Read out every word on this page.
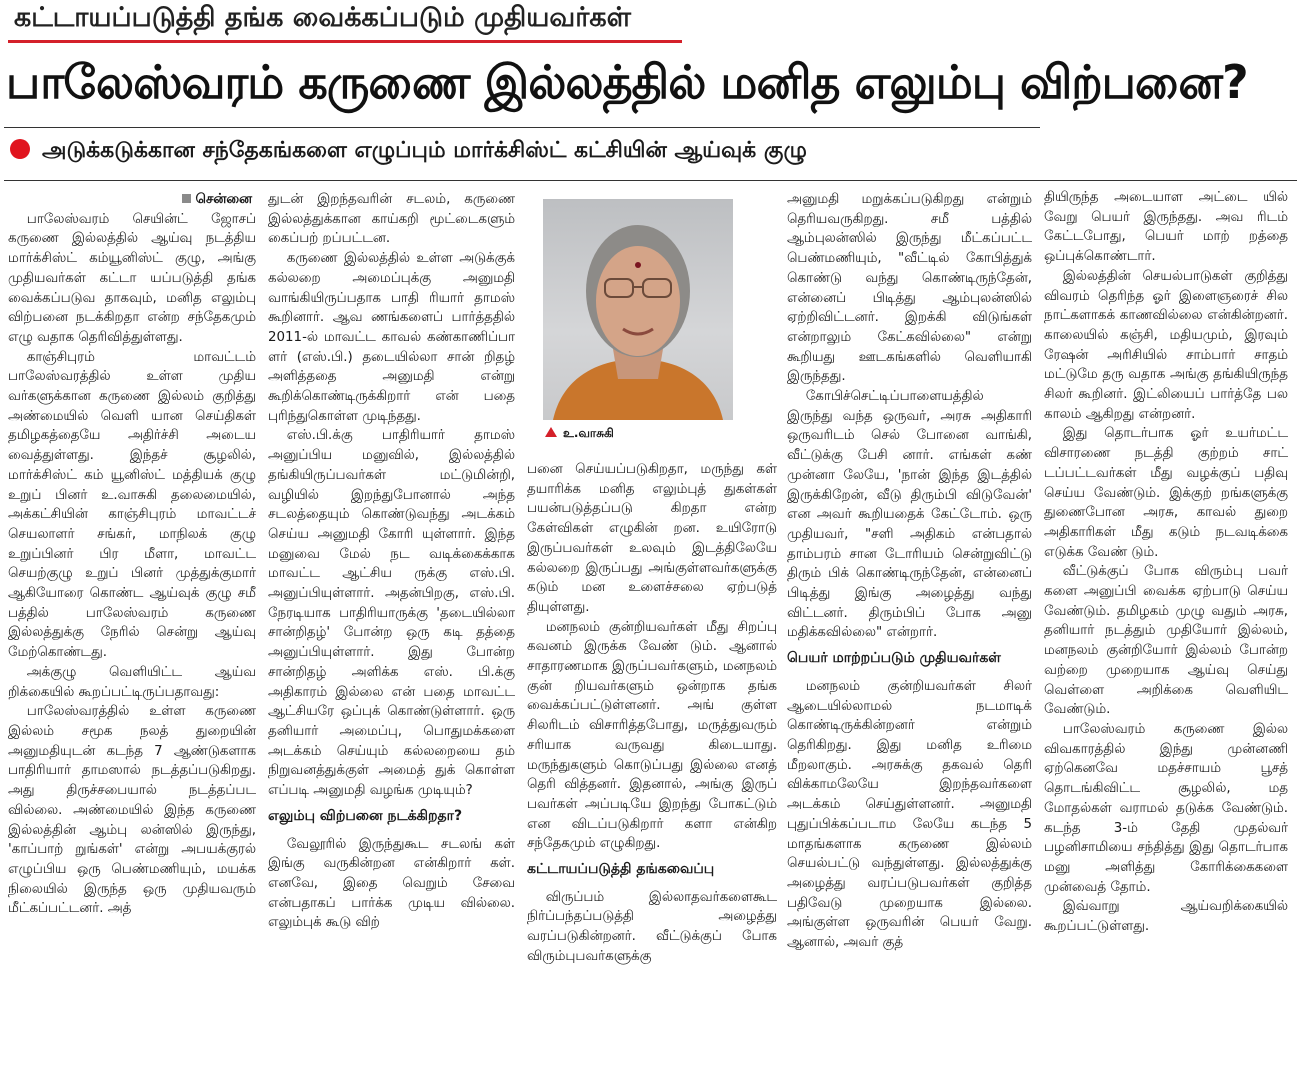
கட்டாயப்படுத்தி தங்க வைக்கப்படும் முதியவர்கள்
பாலேஸ்வரம் கருணை இல்லத்தில் மனித எலும்பு விற்பனை?
அடுக்கடுக்கான சந்தேகங்களை எழுப்பும் மார்க்சிஸ்ட் கட்சியின் ஆய்வுக் குழு
சென்னை

பாலேஸ்வரம் செயின்ட் ஜோசப் கருணை இல்லத்தில் ஆய்வு நடத்திய மார்க்சிஸ்ட் கம்யூனிஸ்ட் குழு, அங்கு முதியவர்கள் கட்டா யப்படுத்தி தங்க வைக்கப்படுவ தாகவும், மனித எலும்பு விற்பனை நடக்கிறதா என்ற சந்தேகமும் எழு வதாக தெரிவித்துள்ளது.

காஞ்சிபுரம் மாவட்டம் பாலேஸ்வரத்தில் உள்ள முதிய வர்களுக்கான கருணை இல்லம் குறித்து அண்மையில் வெளி யான செய்திகள் தமிழகத்தையே அதிர்ச்சி அடைய வைத்துள்ளது. இந்தச் சூழலில், மார்க்சிஸ்ட் கம் யூனிஸ்ட் மத்தியக் குழு உறுப் பினர் உ.வாசுகி தலைமையில், அக்கட்சியின் காஞ்சிபுரம் மாவட்டச் செயலாளர் சங்கர், மாநிலக் குழு உறுப்பினர் பிர மீளா, மாவட்ட செயற்குழு உறுப் பினர் முத்துக்குமார் ஆகியோரை கொண்ட ஆய்வுக் குழு சமீ பத்தில் பாலேஸ்வரம் கருணை இல்லத்துக்கு நேரில் சென்று ஆய்வு மேற்கொண்டது.

அக்குழு வெளியிட்ட ஆய்வ றிக்கையில் கூறப்பட்டிருப்பதாவது:

பாலேஸ்வரத்தில் உள்ள கருணை இல்லம் சமூக நலத் துறையின் அனுமதியுடன் கடந்த 7 ஆண்டுகளாக பாதிரியார் தாமஸால் நடத்தப்படுகிறது. அது திருச்சபையால் நடத்தப்பட வில்லை. அண்மையில் இந்த கருணை இல்லத்தின் ஆம்பு லன்ஸில் இருந்து, 'காப்பாற் றுங்கள்' என்று அபயக்குரல் எழுப்பிய ஒரு பெண்மணியும், மயக்க நிலையில் இருந்த ஒரு முதியவரும் மீட்கப்பட்டனர். அத்

துடன் இறந்தவரின் சடலம், கருணை இல்லத்துக்கான காய்கறி மூட்டைகளும் கைப்பற் றப்பட்டன.

கருணை இல்லத்தில் உள்ள அடுக்குக் கல்லறை அமைப்புக்கு அனுமதி வாங்கியிருப்பதாக பாதி ரியார் தாமஸ் கூறினார். ஆவ ணங்களைப் பார்த்ததில் 2011-ல் மாவட்ட காவல் கண்காணிப்பா ளர் (எஸ்.பி.) தடையில்லா சான் றிதழ் அளித்ததை அனுமதி என்று கூறிக்கொண்டிருக்கிறார் என் பதை புரிந்துகொள்ள முடிந்தது.

எஸ்.பி.க்கு பாதிரியார் தாமஸ் அனுப்பிய மனுவில், இல்லத்தில் தங்கியிருப்பவர்கள் மட்டுமின்றி, வழியில் இறந்துபோனால் அந்த சடலத்தையும் கொண்டுவந்து அடக்கம் செய்ய அனுமதி கோரி யுள்ளார். இந்த மனுவை மேல் நட வடிக்கைக்காக மாவட்ட ஆட்சிய ருக்கு எஸ்.பி. அனுப்பியுள்ளார். அதன்பிறகு, எஸ்.பி. நேரடியாக பாதிரியாருக்கு 'தடையில்லா சான்றிதழ்' போன்ற ஒரு கடி தத்தை அனுப்பியுள்ளார். இது போன்ற சான்றிதழ் அளிக்க எஸ். பி.க்கு அதிகாரம் இல்லை என் பதை மாவட்ட ஆட்சியரே ஒப்புக் கொண்டுள்ளார். ஒரு தனியார் அமைப்பு, பொதுமக்களை அடக்கம் செய்யும் கல்லறையை தம் நிறுவனத்துக்குள் அமைத் துக் கொள்ள எப்படி அனுமதி வழங்க முடியும்?

எலும்பு விற்பனை நடக்கிறதா?

வேலூரில் இருந்துகூட சடலங் கள் இங்கு வருகின்றன என்கிறார் கள். எனவே, இதை வெறும் சேவை என்பதாகப் பார்க்க முடிய வில்லை. எலும்புக் கூடு விற்

உ.வாசுகி

பனை செய்யப்படுகிறதா, மருந்து கள் தயாரிக்க மனித எலும்புத் துகள்கள் பயன்படுத்தப்படு கிறதா என்ற கேள்விகள் எழுகின் றன. உயிரோடு இருப்பவர்கள் உலவும் இடத்திலேயே கல்லறை இருப்பது அங்குள்ளவர்களுக்கு கடும் மன உளைச்சலை ஏற்படுத் தியுள்ளது.

மனநலம் குன்றியவர்கள் மீது சிறப்பு கவனம் இருக்க வேண் டும். ஆனால் சாதாரணமாக இருப்பவர்களும், மனநலம் குன் றியவர்களும் ஒன்றாக தங்க வைக்கப்பட்டுள்ளனர். அங் குள்ள சிலரிடம் விசாரித்தபோது, மருத்துவரும் சரியாக வருவது கிடையாது. மருந்துகளும் கொடுப்பது இல்லை எனத் தெரி வித்தனர். இதனால், அங்கு இருப் பவர்கள் அப்படியே இறந்து போகட்டும் என விடப்படுகிறார் களா என்கிற சந்தேகமும் எழுகிறது.

கட்டாயப்படுத்தி தங்கவைப்பு

விருப்பம் இல்லாதவர்களைகூட நிர்ப்பந்தப்படுத்தி அழைத்து வரப்படுகின்றனர். வீட்டுக்குப் போக விரும்புபவர்களுக்கு

அனுமதி மறுக்கப்படுகிறது என்றும் தெரியவருகிறது. சமீ பத்தில் ஆம்புலன்ஸில் இருந்து மீட்கப்பட்ட பெண்மணியும், "வீட்டில் கோபித்துக் கொண்டு வந்து கொண்டிருந்தேன், என்னைப் பிடித்து ஆம்புலன்ஸில் ஏற்றிவிட்டனர். இறக்கி விடுங்கள் என்றாலும் கேட்கவில்லை" என்று கூறியது ஊடகங்களில் வெளியாகி இருந்தது.

கோபிச்செட்டிப்பாளையத்தில் இருந்து வந்த ஒருவர், அரசு அதிகாரி ஒருவரிடம் செல் போனை வாங்கி, வீட்டுக்கு பேசி னார். எங்கள் கண் முன்னா லேயே, 'நான் இந்த இடத்தில் இருக்கிறேன், வீடு திரும்பி விடுவேன்' என அவர் கூறியதைக் கேட்டோம். ஒரு முதியவர், "சளி அதிகம் என்பதால் தாம்பரம் சான டோரியம் சென்றுவிட்டு திரும் பிக் கொண்டிருந்தேன், என்னைப் பிடித்து இங்கு அழைத்து வந்து விட்டனர். திரும்பிப் போக அனு மதிக்கவில்லை" என்றார்.

பெயர் மாற்றப்படும் முதியவர்கள்

மனநலம் குன்றியவர்கள் சிலர் ஆடையில்லாமல் நடமாடிக் கொண்டிருக்கின்றனர் என்றும் தெரிகிறது. இது மனித உரிமை மீறலாகும். அரசுக்கு தகவல் தெரி விக்காமலேயே இறந்தவர்களை அடக்கம் செய்துள்ளனர். அனுமதி புதுப்பிக்கப்படாம லேயே கடந்த 5 மாதங்களாக கருணை இல்லம் செயல்பட்டு வந்துள்ளது. இல்லத்துக்கு அழைத்து வரப்படுபவர்கள் குறித்த பதிவேடு முறையாக இல்லை. அங்குள்ள ஒருவரின் பெயர் வேறு. ஆனால், அவர் குத்

தியிருந்த அடையாள அட்டை யில் வேறு பெயர் இருந்தது. அவ ரிடம் கேட்டபோது, பெயர் மாற் றத்தை ஒப்புக்கொண்டார்.

இல்லத்தின் செயல்பாடுகள் குறித்து விவரம் தெரிந்த ஓர் இளைஞரைச் சில நாட்களாகக் காணவில்லை என்கின்றனர். காலையில் கஞ்சி, மதியமும், இரவும் ரேஷன் அரிசியில் சாம்பார் சாதம் மட்டுமே தரு வதாக அங்கு தங்கியிருந்த சிலர் கூறினர். இட்லியைப் பார்த்தே பல காலம் ஆகிறது என்றனர்.

இது தொடர்பாக ஓர் உயர்மட்ட விசாரணை நடத்தி குற்றம் சாட் டப்பட்டவர்கள் மீது வழக்குப் பதிவு செய்ய வேண்டும். இக்குற் றங்களுக்கு துணைபோன அரசு, காவல் துறை அதிகாரிகள் மீது கடும் நடவடிக்கை எடுக்க வேண் டும்.

வீட்டுக்குப் போக விரும்பு பவர் களை அனுப்பி வைக்க ஏற்பாடு செய்ய வேண்டும். தமிழகம் முழு வதும் அரசு, தனியார் நடத்தும் முதியோர் இல்லம், மனநலம் குன்றியோர் இல்லம் போன்ற வற்றை முறையாக ஆய்வு செய்து வெள்ளை அறிக்கை வெளியிட வேண்டும்.

பாலேஸ்வரம் கருணை இல்ல விவகாரத்தில் இந்து முன்னணி ஏற்கெனவே மதச்சாயம் பூசத் தொடங்கிவிட்ட சூழலில், மத மோதல்கள் வராமல் தடுக்க வேண்டும். கடந்த 3-ம் தேதி முதல்வர் பழனிசாமியை சந்தித்து இது தொடர்பாக மனு அளித்து கோரிக்கைகளை முன்வைத் தோம்.

இவ்வாறு ஆய்வறிக்கையில் கூறப்பட்டுள்ளது.
